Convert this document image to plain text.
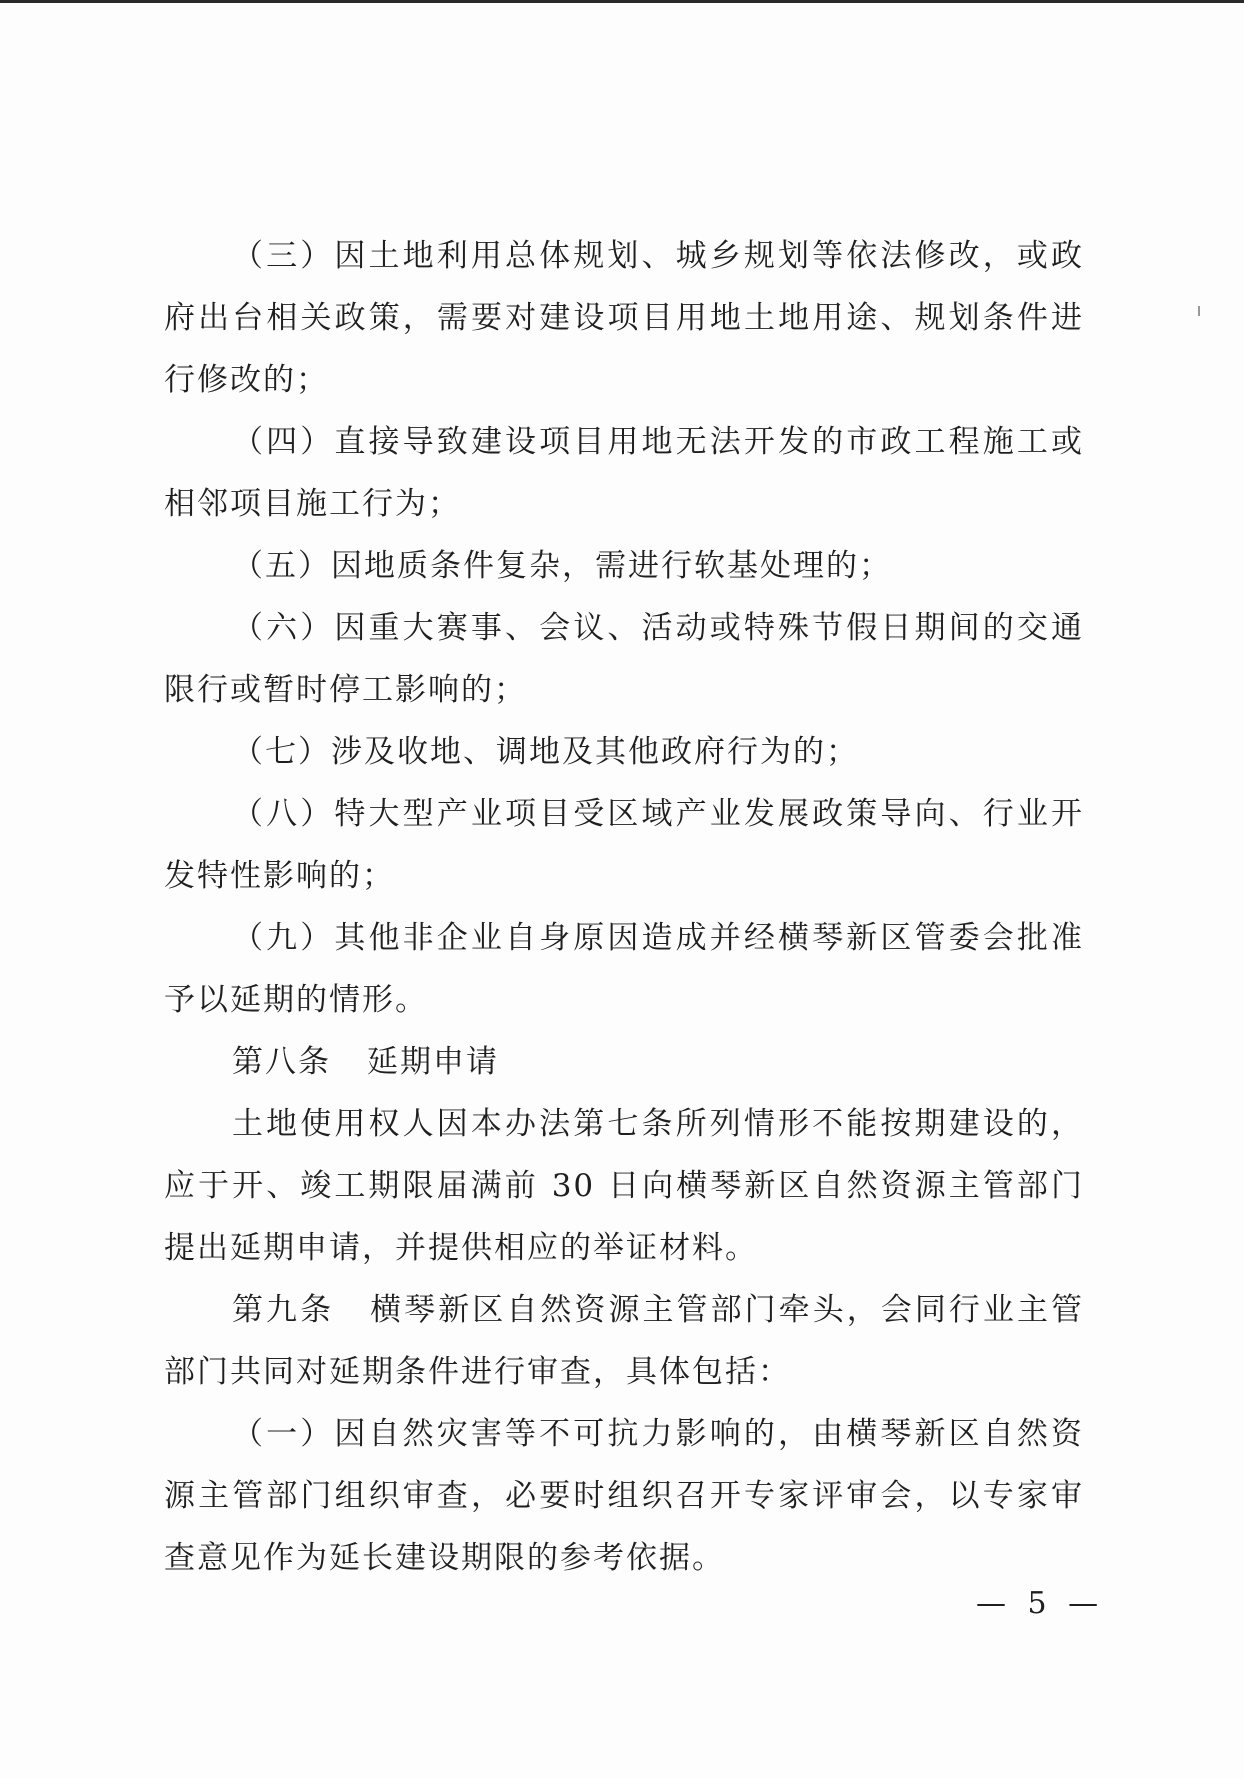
（三）因土地利用总体规划、城乡规划等依法修改，或政府出台相关政策，需要对建设项目用地土地用途、规划条件进行修改的；

（四）直接导致建设项目用地无法开发的市政工程施工或相邻项目施工行为；

（五）因地质条件复杂，需进行软基处理的；

（六）因重大赛事、会议、活动或特殊节假日期间的交通限行或暂时停工影响的；

（七）涉及收地、调地及其他政府行为的；

（八）特大型产业项目受区域产业发展政策导向、行业开发特性影响的；

（九）其他非企业自身原因造成并经横琴新区管委会批准予以延期的情形。

第八条 延期申请

土地使用权人因本办法第七条所列情形不能按期建设的，应于开、竣工期限届满前 30 日向横琴新区自然资源主管部门提出延期申请，并提供相应的举证材料。

第九条 横琴新区自然资源主管部门牵头，会同行业主管部门共同对延期条件进行审查，具体包括：

（一）因自然灾害等不可抗力影响的，由横琴新区自然资源主管部门组织审查，必要时组织召开专家评审会，以专家审查意见作为延长建设期限的参考依据。

— 5 —
